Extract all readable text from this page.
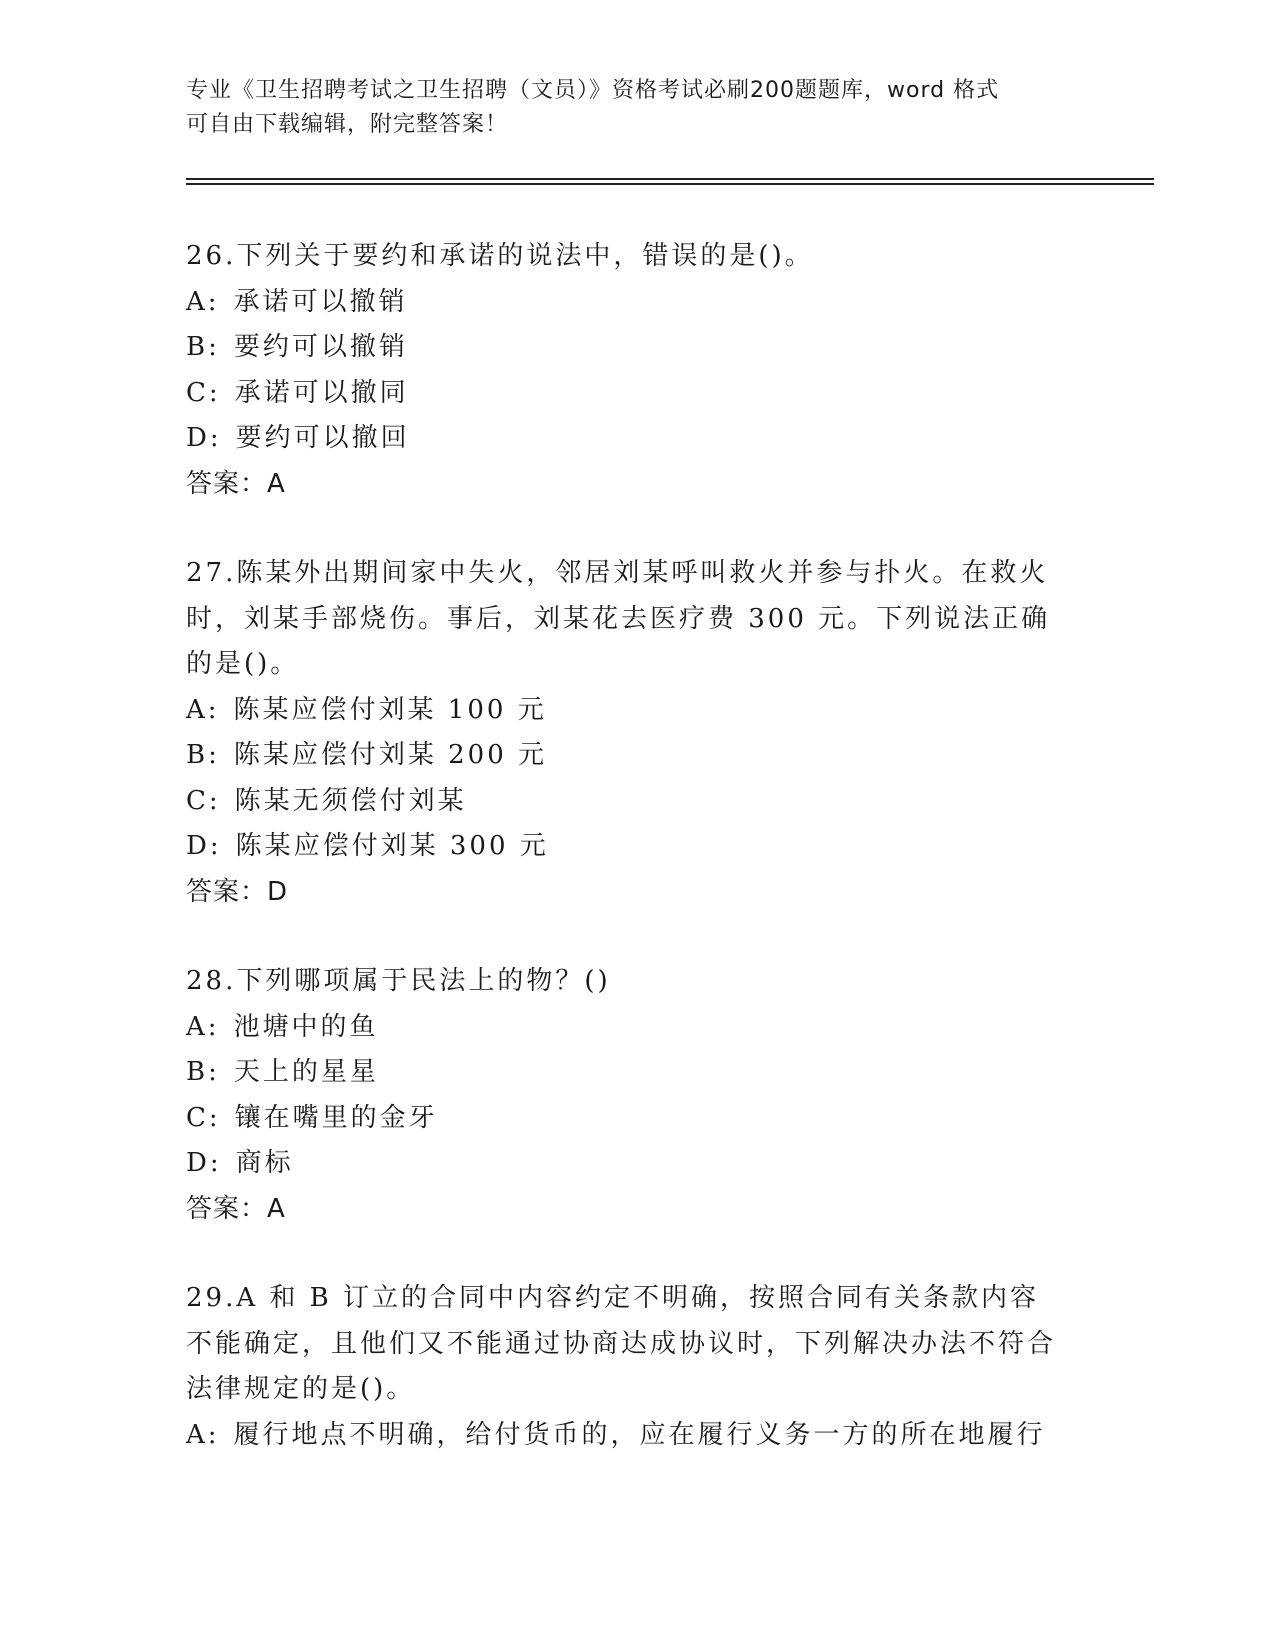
专业《卫生招聘考试之卫生招聘（文员）》资格考试必刷200题题库，word 格式
可自由下载编辑，附完整答案！

26.下列关于要约和承诺的说法中，错误的是()。

A: 承诺可以撤销

B: 要约可以撤销

C: 承诺可以撤同

D: 要约可以撤回

答案：A

27.陈某外出期间家中失火，邻居刘某呼叫救火并参与扑火。在救火时，刘某手部烧伤。事后，刘某花去医疗费 300 元。下列说法正确的是()。

A: 陈某应偿付刘某 100 元

B: 陈某应偿付刘某 200 元

C: 陈某无须偿付刘某

D: 陈某应偿付刘某 300 元

答案：D

28.下列哪项属于民法上的物？()

A: 池塘中的鱼

B: 天上的星星

C: 镶在嘴里的金牙

D: 商标

答案：A

29.A 和 B 订立的合同中内容约定不明确，按照合同有关条款内容不能确定，且他们又不能通过协商达成协议时，下列解决办法不符合法律规定的是()。

A: 履行地点不明确，给付货币的，应在履行义务一方的所在地履行
